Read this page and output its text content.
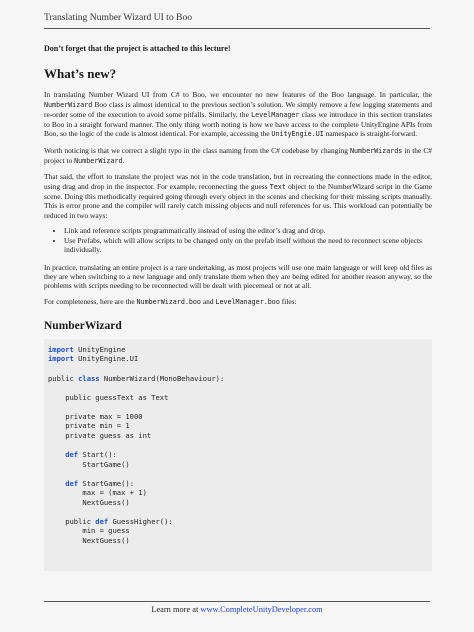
Translating Number Wizard UI to Boo

Don’t forget that the project is attached to this lecture!

What’s new?

In translating Number Wizard UI from C# to Boo, we encounter no new features of the Boo language. In particular, the NumberWizard Boo class is almost identical to the previous section’s solution. We simply remove a few logging statements and re-order some of the execution to avoid some pitfalls. Similarly, the LevelManager class we introduce in this section translates to Boo in a straight forward manner. The only thing worth noting is how we have access to the complete UnityEngine APIs from Boo, so the logic of the code is almost identical. For example, accessing the UnityEngie.UI namespace is straight-forward.

Worth noticing is that we correct a slight typo in the class naming from the C# codebase by changing NumberWizards in the C# project to NumberWizard.

That said, the effort to translate the project was not in the code translation, but in recreating the connections made in the editor, using drag and drop in the inspector. For example, reconnecting the guess Text object to the NumberWizard script in the Game scene. Doing this methodically required going through every object in the scenes and checking for their missing scripts manually. This is error prone and the compiler will rarely catch missing objects and null references for us. This workload can potentially be reduced in two ways:

• Link and reference scripts programmatically instead of using the editor’s drag and drop.
• Use Prefabs, which will allow scripts to be changed only on the prefab itself without the need to reconnect scene objects individually.

In practice, translating an entire project is a rare undertaking, as most projects will use one main language or will keep old files as they are when switching to a new language and only translate them when they are being edited for another reason anyway, so the problems with scripts needing to be reconnected will be dealt with piecemeal or not at all.

For completeness, here are the NumberWizard.boo and LevelManager.boo files:

NumberWizard
import UnityEngine
import UnityEngine.UI
public class NumberWizard(MonoBehaviour):
public guessText as Text
private max = 1000
private min = 1
private guess as int
def Start():
StartGame()
def StartGame():
max = (max + 1)
NextGuess()
public def GuessHigher():
min = guess
NextGuess()
Learn more at www.CompleteUnityDeveloper.com
